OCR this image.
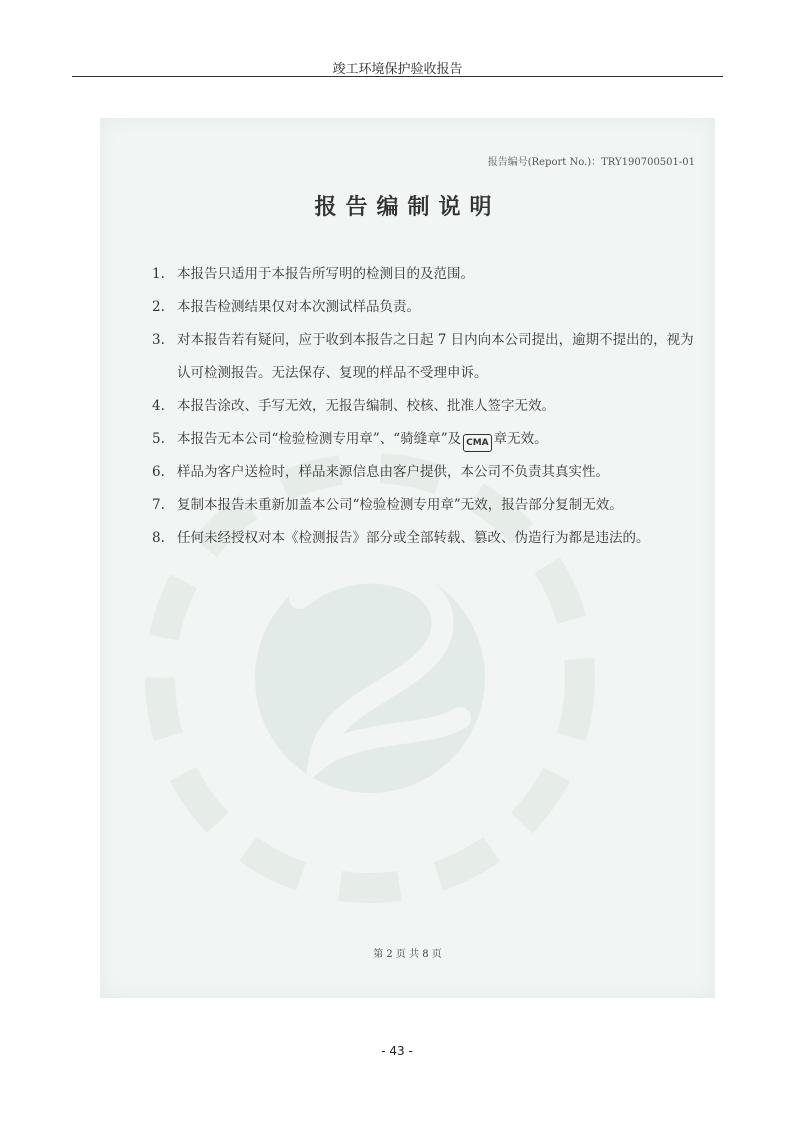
竣工环境保护验收报告
报告编号(Report No.)：TRY190700501-01
报告编制说明
1. 本报告只适用于本报告所写明的检测目的及范围。
2. 本报告检测结果仅对本次测试样品负责。
3. 对本报告若有疑问，应于收到本报告之日起 7 日内向本公司提出，逾期不提出的，视为认可检测报告。无法保存、复现的样品不受理申诉。
4. 本报告涂改、手写无效，无报告编制、校核、批准人签字无效。
5. 本报告无本公司“检验检测专用章”、“骑缝章”及 CMA 章无效。
6. 样品为客户送检时，样品来源信息由客户提供，本公司不负责其真实性。
7. 复制本报告未重新加盖本公司“检验检测专用章”无效，报告部分复制无效。
8. 任何未经授权对本《检测报告》部分或全部转载、篡改、伪造行为都是违法的。
第 2 页 共 8 页
- 43 -
